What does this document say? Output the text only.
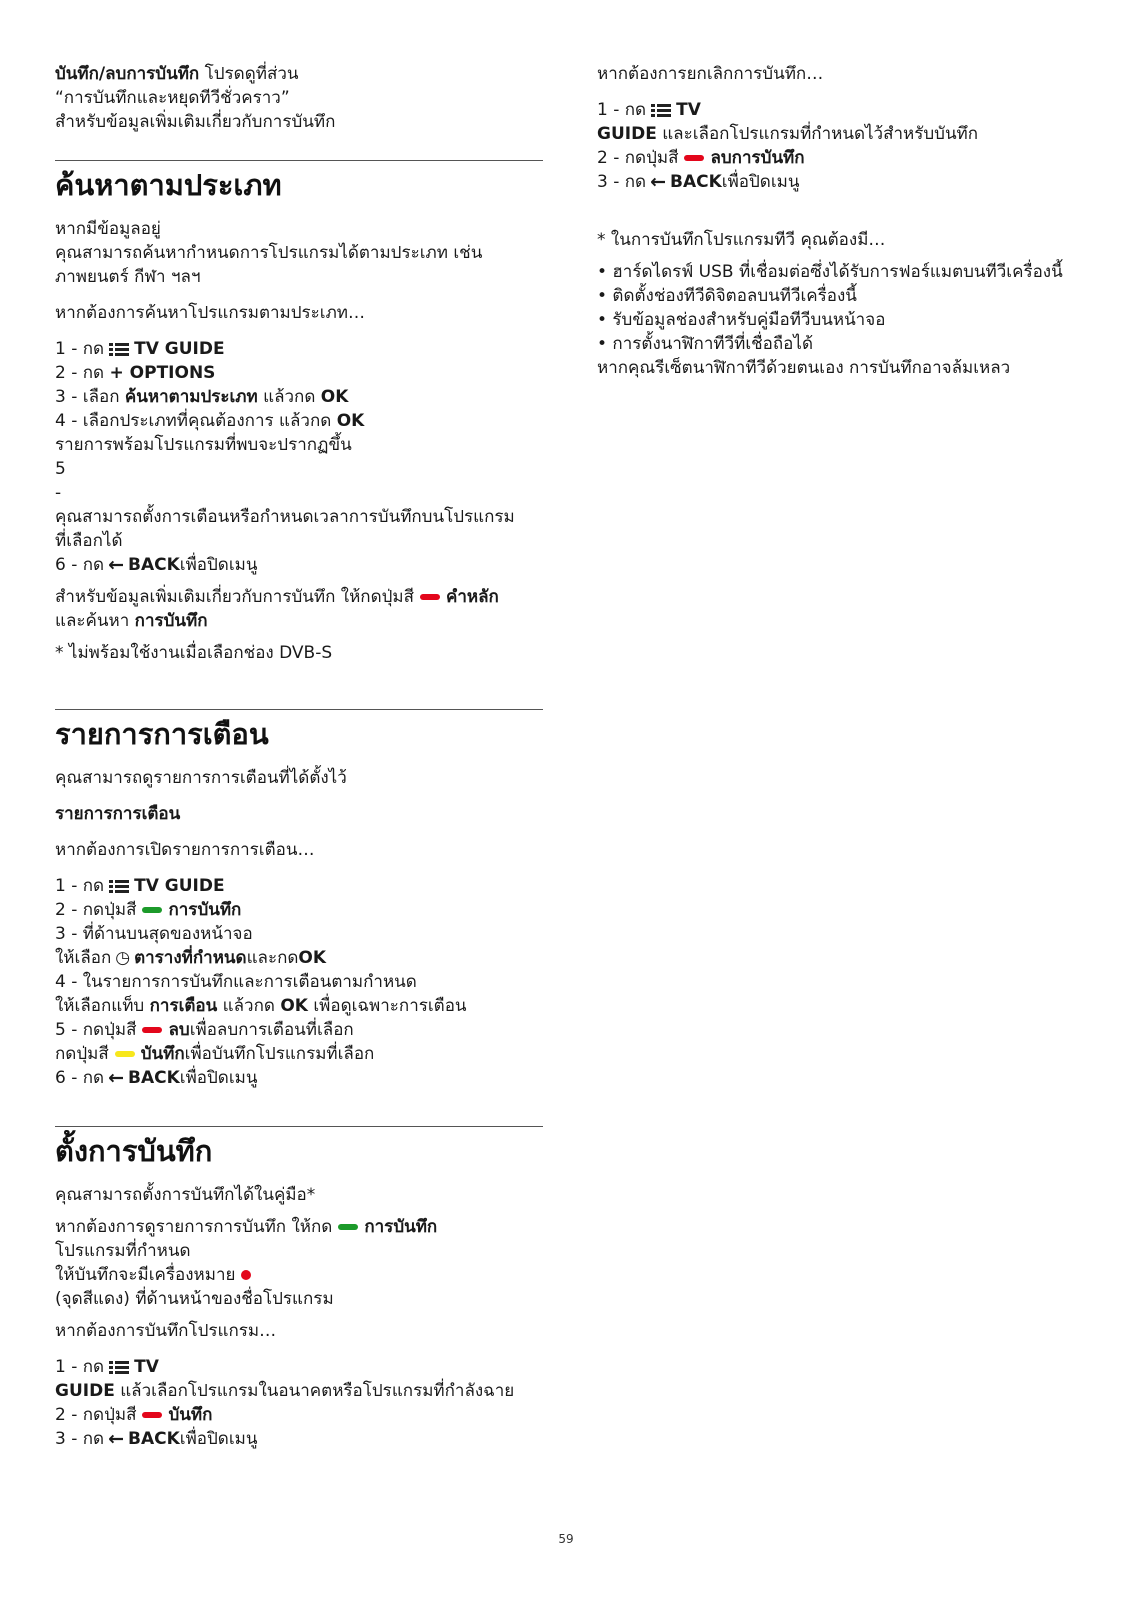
บันทึก/ลบการบันทึก โปรดดูที่ส่วน

“การบันทึกและหยุดทีวีชั่วคราว”

สำหรับข้อมูลเพิ่มเติมเกี่ยวกับการบันทึก

ค้นหาตามประเภท

หากมีข้อมูลอยู่

คุณสามารถค้นหากำหนดการโปรแกรมได้ตามประเภท เช่น

ภาพยนตร์ กีฬา ฯลฯ

หากต้องการค้นหาโปรแกรมตามประเภท…

1 - กด TV GUIDE

2 - กด + OPTIONS

3 - เลือก ค้นหาตามประเภท แล้วกด OK

4 - เลือกประเภทที่คุณต้องการ แล้วกด OK

รายการพร้อมโปรแกรมที่พบจะปรากฏขึ้น

5

-

คุณสามารถตั้งการเตือนหรือกำหนดเวลาการบันทึกบนโปรแกรม

ที่เลือกได้

6 - กด ← BACK เพื่อปิดเมนู

สำหรับข้อมูลเพิ่มเติมเกี่ยวกับการบันทึก ให้กดปุ่มสี คำหลัก

และค้นหา การบันทึก

* ไม่พร้อมใช้งานเมื่อเลือกช่อง DVB-S

รายการการเตือน

คุณสามารถดูรายการการเตือนที่ได้ตั้งไว้

รายการการเตือน

หากต้องการเปิดรายการการเตือน…

1 - กด TV GUIDE

2 - กดปุ่มสี การบันทึก

3 - ที่ด้านบนสุดของหน้าจอ

ให้เลือก ◷ ตารางที่กำหนด และกด OK

4 - ในรายการการบันทึกและการเตือนตามกำหนด

ให้เลือกแท็บ การเตือน แล้วกด OK เพื่อดูเฉพาะการเตือน

5 - กดปุ่มสี ลบ เพื่อลบการเตือนที่เลือก

กดปุ่มสี บันทึก เพื่อบันทึกโปรแกรมที่เลือก

6 - กด ← BACK เพื่อปิดเมนู

ตั้งการบันทึก

คุณสามารถตั้งการบันทึกได้ในคู่มือ*

หากต้องการดูรายการการบันทึก ให้กด การบันทึก

โปรแกรมที่กำหนด

ให้บันทึกจะมีเครื่องหมาย

(จุดสีแดง) ที่ด้านหน้าของชื่อโปรแกรม

หากต้องการบันทึกโปรแกรม…

1 - กด TV

GUIDE แล้วเลือกโปรแกรมในอนาคตหรือโปรแกรมที่กำลังฉาย

2 - กดปุ่มสี บันทึก

3 - กด ← BACK เพื่อปิดเมนู

หากต้องการยกเลิกการบันทึก…

1 - กด TV

GUIDE และเลือกโปรแกรมที่กำหนดไว้สำหรับบันทึก

2 - กดปุ่มสี ลบการบันทึก

3 - กด ← BACK เพื่อปิดเมนู

* ในการบันทึกโปรแกรมทีวี คุณต้องมี…

• ฮาร์ดไดรฟ์ USB ที่เชื่อมต่อซึ่งได้รับการฟอร์แมตบนทีวีเครื่องนี้

• ติดตั้งช่องทีวีดิจิตอลบนทีวีเครื่องนี้

• รับข้อมูลช่องสำหรับคู่มือทีวีบนหน้าจอ

• การตั้งนาฬิกาทีวีที่เชื่อถือได้

หากคุณรีเซ็ตนาฬิกาทีวีด้วยตนเอง การบันทึกอาจล้มเหลว

59
